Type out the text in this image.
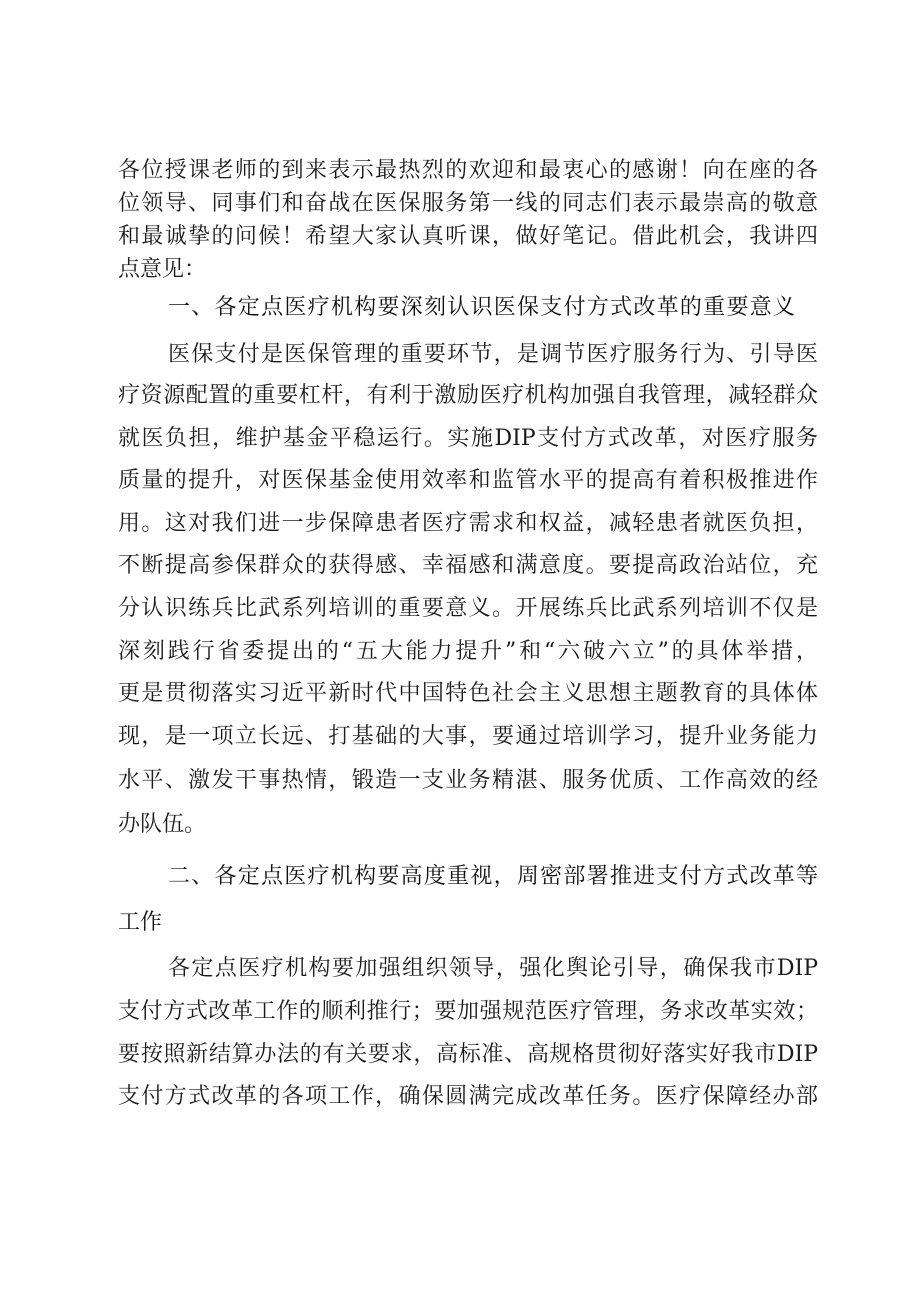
各位授课老师的到来表示最热烈的欢迎和最衷心的感谢！向在座的各
位领导、同事们和奋战在医保服务第一线的同志们表示最崇高的敬意
和最诚挚的问候！希望大家认真听课，做好笔记。借此机会，我讲四
点意见：
一、各定点医疗机构要深刻认识医保支付方式改革的重要意义
医保支付是医保管理的重要环节，是调节医疗服务行为、引导医
疗资源配置的重要杠杆，有利于激励医疗机构加强自我管理，减轻群众
就医负担，维护基金平稳运行。实施DIP支付方式改革，对医疗服务
质量的提升，对医保基金使用效率和监管水平的提高有着积极推进作
用。这对我们进一步保障患者医疗需求和权益，减轻患者就医负担，
不断提高参保群众的获得感、幸福感和满意度。要提高政治站位，充
分认识练兵比武系列培训的重要意义。开展练兵比武系列培训不仅是
深刻践行省委提出的“五大能力提升”和“六破六立”的具体举措，
更是贯彻落实习近平新时代中国特色社会主义思想主题教育的具体体
现，是一项立长远、打基础的大事，要通过培训学习，提升业务能力
水平、激发干事热情，锻造一支业务精湛、服务优质、工作高效的经
办队伍。
二、各定点医疗机构要高度重视，周密部署推进支付方式改革等
工作
各定点医疗机构要加强组织领导，强化舆论引导，确保我市DIP
支付方式改革工作的顺利推行；要加强规范医疗管理，务求改革实效；
要按照新结算办法的有关要求，高标准、高规格贯彻好落实好我市DIP
支付方式改革的各项工作，确保圆满完成改革任务。医疗保障经办部
